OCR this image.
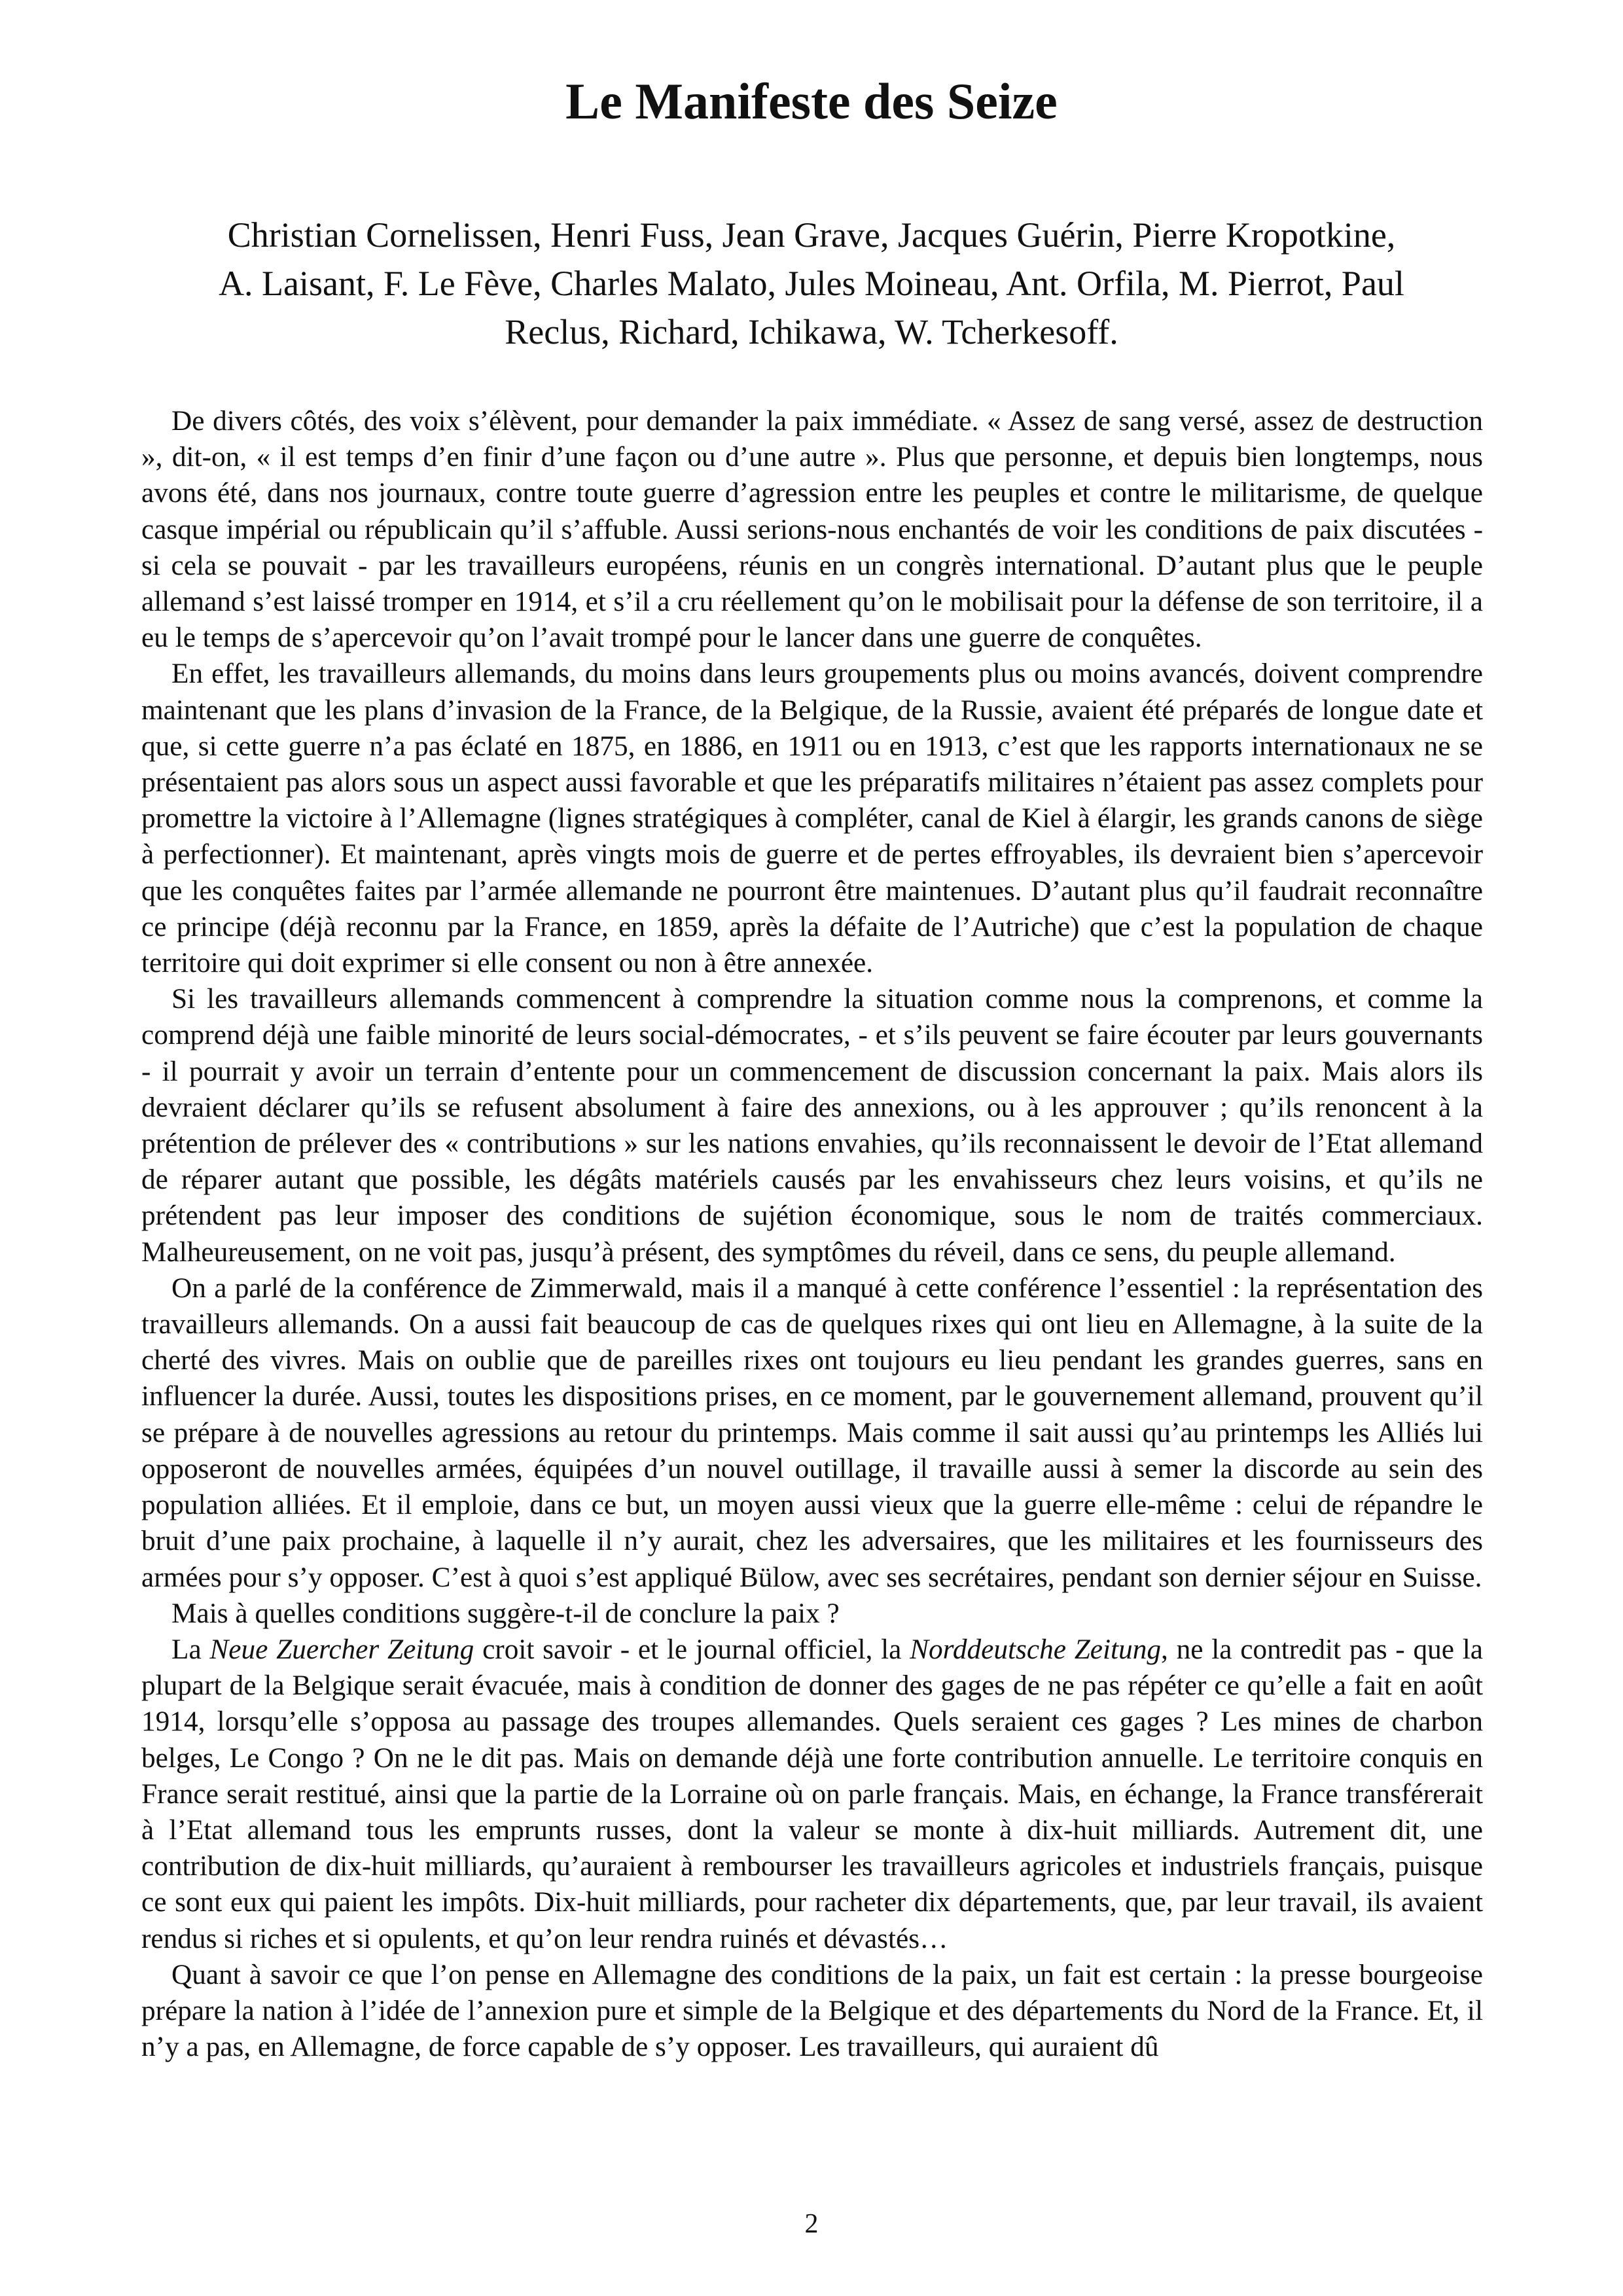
Le Manifeste des Seize

Christian Cornelissen, Henri Fuss, Jean Grave, Jacques Guérin, Pierre Kropotkine, A. Laisant, F. Le Fève, Charles Malato, Jules Moineau, Ant. Orfila, M. Pierrot, Paul Reclus, Richard, Ichikawa, W. Tcherkesoff.

De divers côtés, des voix s’élèvent, pour demander la paix immédiate. « Assez de sang versé, assez de destruction », dit-on, « il est temps d’en finir d’une façon ou d’une autre ». Plus que personne, et depuis bien longtemps, nous avons été, dans nos journaux, contre toute guerre d’agression entre les peuples et contre le militarisme, de quelque casque impérial ou républicain qu’il s’affuble. Aussi serions-nous enchantés de voir les conditions de paix discutées - si cela se pouvait - par les travailleurs européens, réunis en un congrès international. D’autant plus que le peuple allemand s’est laissé tromper en 1914, et s’il a cru réellement qu’on le mobilisait pour la défense de son territoire, il a eu le temps de s’apercevoir qu’on l’avait trompé pour le lancer dans une guerre de conquêtes.

En effet, les travailleurs allemands, du moins dans leurs groupements plus ou moins avancés, doivent comprendre maintenant que les plans d’invasion de la France, de la Belgique, de la Russie, avaient été préparés de longue date et que, si cette guerre n’a pas éclaté en 1875, en 1886, en 1911 ou en 1913, c’est que les rapports internationaux ne se présentaient pas alors sous un aspect aussi favorable et que les préparatifs militaires n’étaient pas assez complets pour promettre la victoire à l’Allemagne (lignes stratégiques à compléter, canal de Kiel à élargir, les grands canons de siège à perfectionner). Et maintenant, après vingts mois de guerre et de pertes effroyables, ils devraient bien s’apercevoir que les conquêtes faites par l’armée allemande ne pourront être maintenues. D’autant plus qu’il faudrait reconnaître ce principe (déjà reconnu par la France, en 1859, après la défaite de l’Autriche) que c’est la population de chaque territoire qui doit exprimer si elle consent ou non à être annexée.

Si les travailleurs allemands commencent à comprendre la situation comme nous la comprenons, et comme la comprend déjà une faible minorité de leurs social-démocrates, - et s’ils peuvent se faire écouter par leurs gouvernants - il pourrait y avoir un terrain d’entente pour un commencement de discussion concernant la paix. Mais alors ils devraient déclarer qu’ils se refusent absolument à faire des annexions, ou à les approuver ; qu’ils renoncent à la prétention de prélever des « contributions » sur les nations envahies, qu’ils reconnaissent le devoir de l’Etat allemand de réparer autant que possible, les dégâts matériels causés par les envahisseurs chez leurs voisins, et qu’ils ne prétendent pas leur imposer des conditions de sujétion économique, sous le nom de traités commerciaux. Malheureusement, on ne voit pas, jusqu’à présent, des symptômes du réveil, dans ce sens, du peuple allemand.

On a parlé de la conférence de Zimmerwald, mais il a manqué à cette conférence l’essentiel : la représentation des travailleurs allemands. On a aussi fait beaucoup de cas de quelques rixes qui ont lieu en Allemagne, à la suite de la cherté des vivres. Mais on oublie que de pareilles rixes ont toujours eu lieu pendant les grandes guerres, sans en influencer la durée. Aussi, toutes les dispositions prises, en ce moment, par le gouvernement allemand, prouvent qu’il se prépare à de nouvelles agressions au retour du printemps. Mais comme il sait aussi qu’au printemps les Alliés lui opposeront de nouvelles armées, équipées d’un nouvel outillage, il travaille aussi à semer la discorde au sein des population alliées. Et il emploie, dans ce but, un moyen aussi vieux que la guerre elle-même : celui de répandre le bruit d’une paix prochaine, à laquelle il n’y aurait, chez les adversaires, que les militaires et les fournisseurs des armées pour s’y opposer. C’est à quoi s’est appliqué Bülow, avec ses secrétaires, pendant son dernier séjour en Suisse.

Mais à quelles conditions suggère-t-il de conclure la paix ?

La Neue Zuercher Zeitung croit savoir - et le journal officiel, la Norddeutsche Zeitung, ne la contredit pas - que la plupart de la Belgique serait évacuée, mais à condition de donner des gages de ne pas répéter ce qu’elle a fait en août 1914, lorsqu’elle s’opposa au passage des troupes allemandes. Quels seraient ces gages ? Les mines de charbon belges, Le Congo ? On ne le dit pas. Mais on demande déjà une forte contribution annuelle. Le territoire conquis en France serait restitué, ainsi que la partie de la Lorraine où on parle français. Mais, en échange, la France transférerait à l’Etat allemand tous les emprunts russes, dont la valeur se monte à dix-huit milliards. Autrement dit, une contribution de dix-huit milliards, qu’auraient à rembourser les travailleurs agricoles et industriels français, puisque ce sont eux qui paient les impôts. Dix-huit milliards, pour racheter dix départements, que, par leur travail, ils avaient rendus si riches et si opulents, et qu’on leur rendra ruinés et dévastés…

Quant à savoir ce que l’on pense en Allemagne des conditions de la paix, un fait est certain : la presse bourgeoise prépare la nation à l’idée de l’annexion pure et simple de la Belgique et des départements du Nord de la France. Et, il n’y a pas, en Allemagne, de force capable de s’y opposer. Les travailleurs, qui auraient dû

2
